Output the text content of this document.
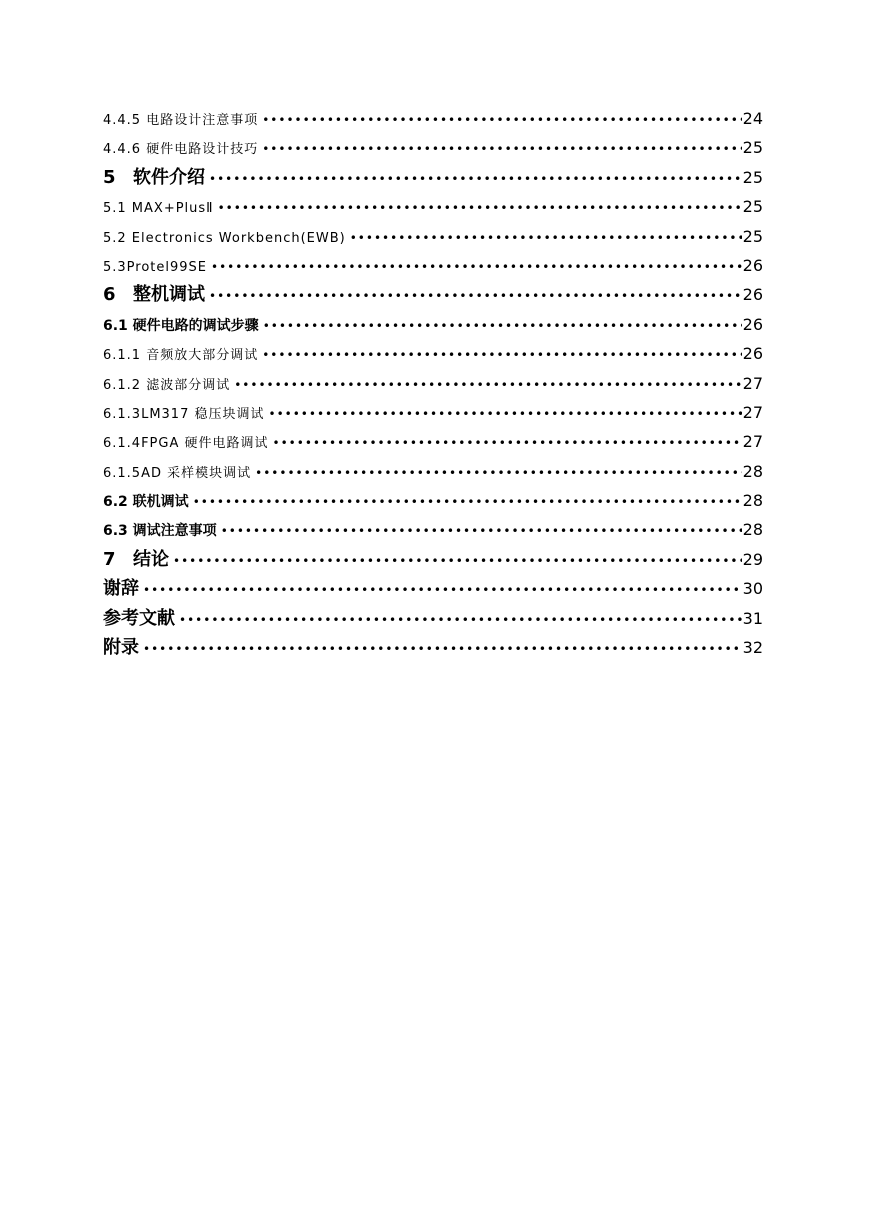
4.4.5 电路设计注意事项 •••••	24
4.4.6 硬件电路设计技巧 •••••	25
5 软件介绍 •••••	25
5.1 MAX+PlusⅡ •••••	25
5.2 Electronics Workbench(EWB) •••••	25
5.3Protel99SE •••••	26
6 整机调试 •••••	26
6.1 硬件电路的调试步骤 •••••	26
6.1.1 音频放大部分调试 •••••	26
6.1.2 滤波部分调试 •••••	27
6.1.3LM317 稳压块调试 •••••	27
6.1.4FPGA 硬件电路调试 •••••	27
6.1.5AD 采样模块调试 •••••	28
6.2 联机调试 •••••	28
6.3 调试注意事项 •••••	28
7 结论 •••••	29
谢辞 •••••	30
参考文献 •••••	31
附录 •••••	32
